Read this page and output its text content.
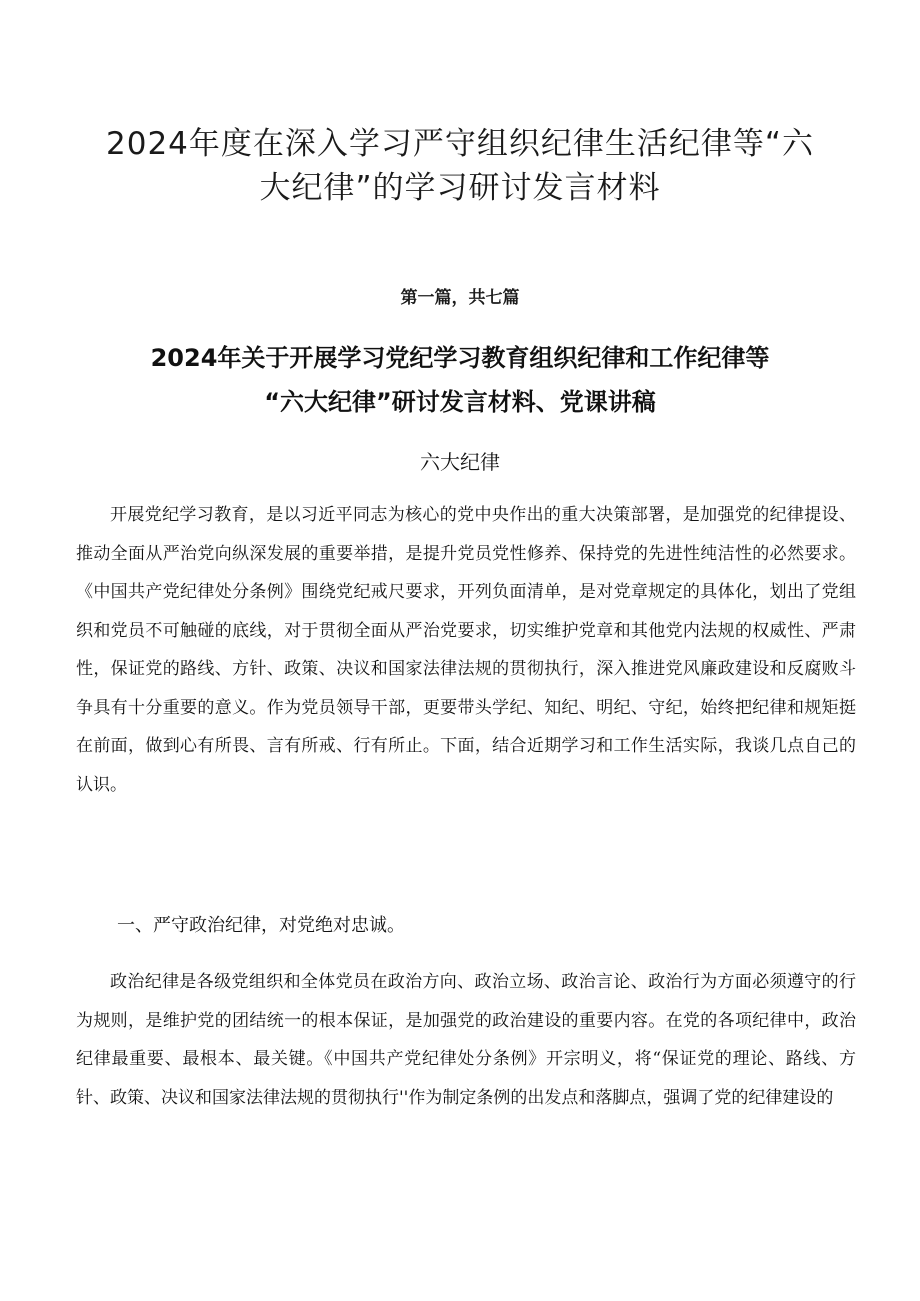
2024年度在深入学习严守组织纪律生活纪律等“六
大纪律”的学习研讨发言材料
第一篇，共七篇
2024年关于开展学习党纪学习教育组织纪律和工作纪律等
“六大纪律”研讨发言材料、党课讲稿
六大纪律

开展党纪学习教育，是以习近平同志为核心的党中央作出的重大决策部署，是加强党的纪律提设、推动全面从严治党向纵深发展的重要举措，是提升党员党性修养、保持党的先进性纯洁性的必然要求。《中国共产党纪律处分条例》围绕党纪戒尺要求，开列负面清单，是对党章规定的具体化，划出了党组织和党员不可触碰的底线，对于贯彻全面从严治党要求，切实维护党章和其他党内法规的权威性、严肃性，保证党的路线、方针、政策、决议和国家法律法规的贯彻执行，深入推进党风廉政建设和反腐败斗争具有十分重要的意义。作为党员领导干部，更要带头学纪、知纪、明纪、守纪，始终把纪律和规矩挺在前面，做到心有所畏、言有所戒、行有所止。下面，结合近期学习和工作生活实际，我谈几点自己的认识。

一、严守政治纪律，对党绝对忠诚。

政治纪律是各级党组织和全体党员在政治方向、政治立场、政治言论、政治行为方面必须遵守的行为规则，是维护党的团结统一的根本保证，是加强党的政治建设的重要内容。在党的各项纪律中，政治纪律最重要、最根本、最关键。《中国共产党纪律处分条例》开宗明义，将“保证党的理论、路线、方针、政策、决议和国家法律法规的贯彻执行''作为制定条例的出发点和落脚点，强调了党的纪律建设的
